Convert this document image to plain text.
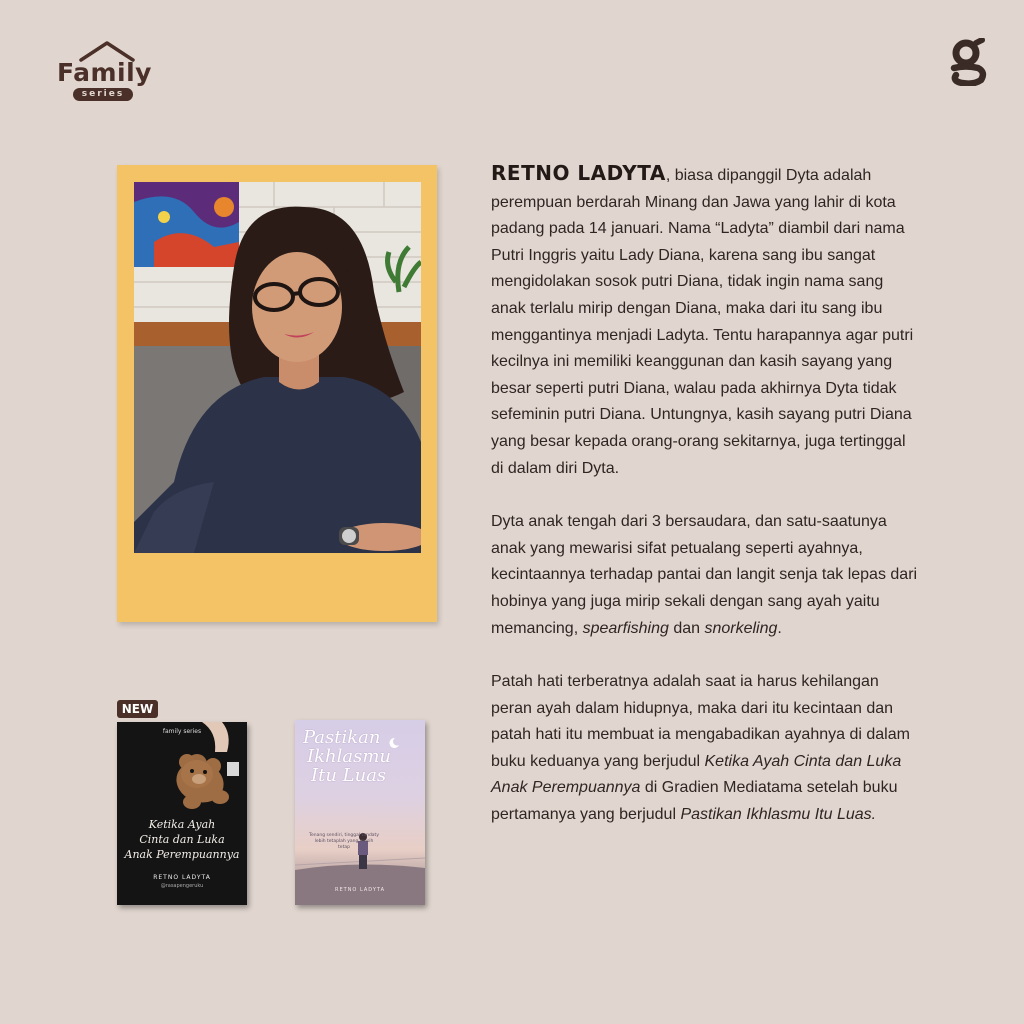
Family
series

RETNO LADYTA, biasa dipanggil Dyta adalah perempuan berdarah Minang dan Jawa yang lahir di kota padang pada 14 januari. Nama “Ladyta” diambil dari nama Putri Inggris yaitu Lady Diana, karena sang ibu sangat mengidolakan sosok putri Diana, tidak ingin nama sang anak terlalu mirip dengan Diana, maka dari itu sang ibu menggantinya menjadi Ladyta. Tentu harapannya agar putri kecilnya ini memiliki keanggunan dan kasih sayang yang besar seperti putri Diana, walau pada akhirnya Dyta tidak sefeminin putri Diana. Untungnya, kasih sayang putri Diana yang besar kepada orang-orang sekitarnya, juga tertinggal di dalam diri Dyta.

Dyta anak tengah dari 3 bersaudara, dan satu-saatunya anak yang mewarisi sifat petualang seperti ayahnya, kecintaannya terhadap pantai dan langit senja tak lepas dari hobinya yang juga mirip sekali dengan sang ayah yaitu memancing, spearfishing dan snorkeling.

Patah hati terberatnya adalah saat ia harus kehilangan peran ayah dalam hidupnya, maka dari itu kecintaan dan patah hati itu membuat ia mengabadikan ayahnya di dalam buku keduanya yang berjudul Ketika Ayah Cinta dan Luka Anak Perempuannya di Gradien Mediatama setelah buku pertamanya yang berjudul Pastikan Ikhlasmu Itu Luas.

NEW
family series
Ketika Ayah
Cinta dan Luka
Anak Perempuannya
RETNO LADYTA
@rasapengeruku
Pastikan
Ikhlasmu
Itu Luas
Tenang sendiri, tinggal tandaty lebih tetaplah yang masih tetap
RETNO LADYTA
